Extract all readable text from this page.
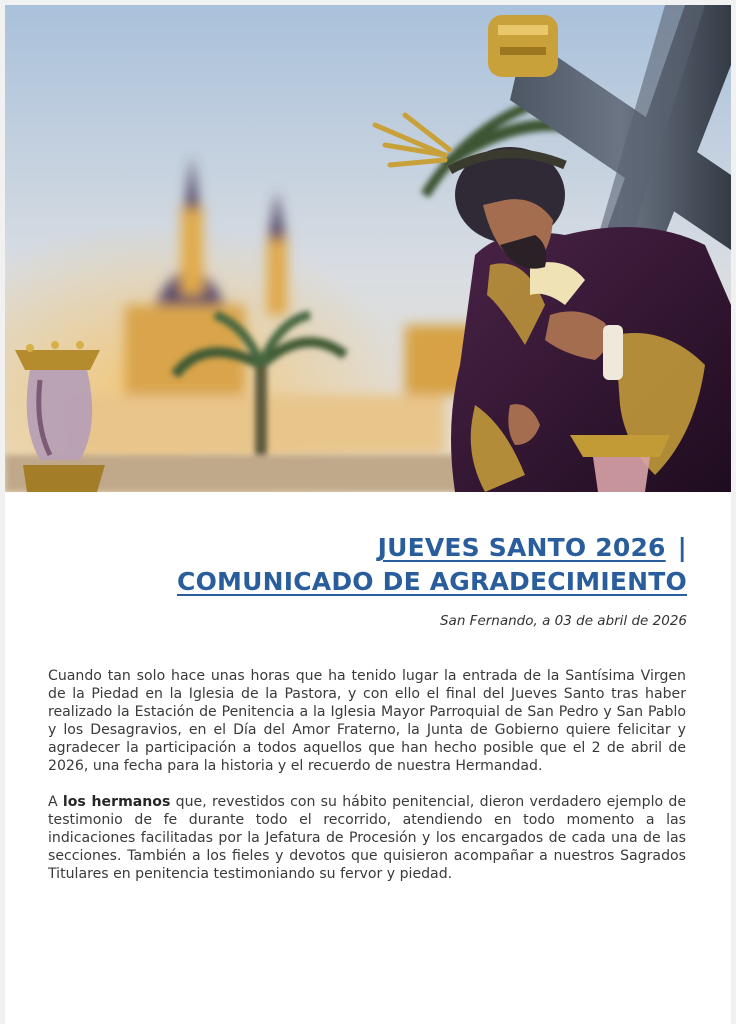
JUEVES SANTO 2026 |
COMUNICADO DE AGRADECIMIENTO
San Fernando, a 03 de abril de 2026

Cuando tan solo hace unas horas que ha tenido lugar la entrada de la Santísima Virgen de la Piedad en la Iglesia de la Pastora, y con ello el final del Jueves Santo tras haber realizado la Estación de Penitencia a la Iglesia Mayor Parroquial de San Pedro y San Pablo y los Desagravios, en el Día del Amor Fraterno, la Junta de Gobierno quiere felicitar y agradecer la participación a todos aquellos que han hecho posible que el 2 de abril de 2026, una fecha para la historia y el recuerdo de nuestra Hermandad.

A los hermanos que, revestidos con su hábito penitencial, dieron verdadero ejemplo de testimonio de fe durante todo el recorrido, atendiendo en todo momento a las indicaciones facilitadas por la Jefatura de Procesión y los encargados de cada una de las secciones. También a los fieles y devotos que quisieron acompañar a nuestros Sagrados Titulares en penitencia testimoniando su fervor y piedad.
